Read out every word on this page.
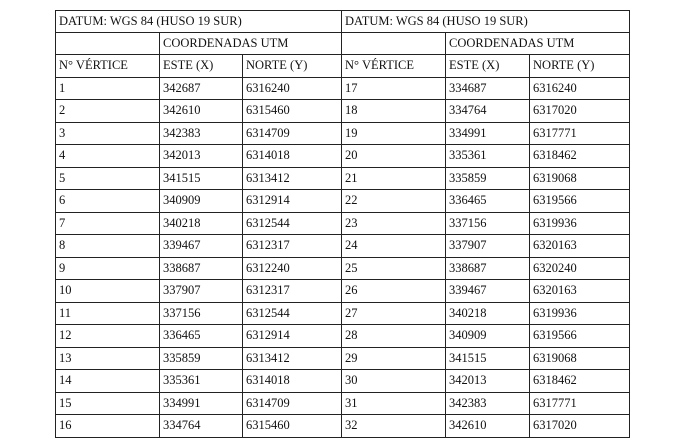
DATUM: WGS 84 (HUSO 19 SUR)			DATUM: WGS 84 (HUSO 19 SUR)		
	COORDENADAS UTM			COORDENADAS UTM	
N° VÉRTICE	ESTE (X)	NORTE (Y)	N° VÉRTICE	ESTE (X)	NORTE (Y)
1	342687	6316240	17	334687	6316240
2	342610	6315460	18	334764	6317020
3	342383	6314709	19	334991	6317771
4	342013	6314018	20	335361	6318462
5	341515	6313412	21	335859	6319068
6	340909	6312914	22	336465	6319566
7	340218	6312544	23	337156	6319936
8	339467	6312317	24	337907	6320163
9	338687	6312240	25	338687	6320240
10	337907	6312317	26	339467	6320163
11	337156	6312544	27	340218	6319936
12	336465	6312914	28	340909	6319566
13	335859	6313412	29	341515	6319068
14	335361	6314018	30	342013	6318462
15	334991	6314709	31	342383	6317771
16	334764	6315460	32	342610	6317020
